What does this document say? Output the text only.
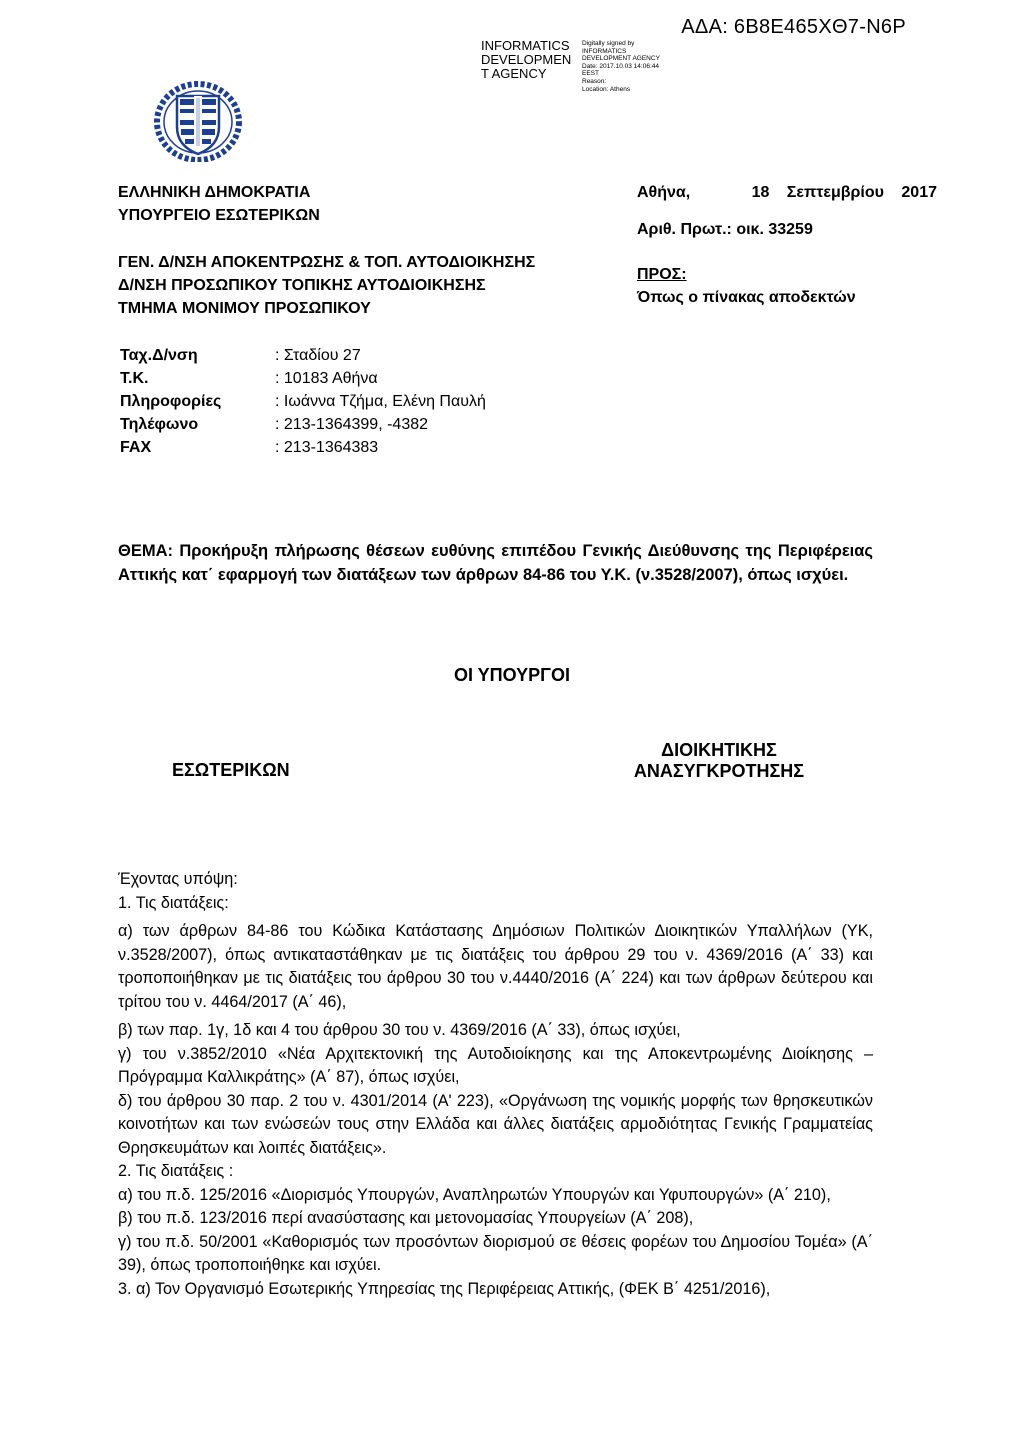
ΑΔΑ: 6Β8Ε465ΧΘ7-Ν6Ρ
INFORMATICS
DEVELOPMEN
T AGENCY
Digitally signed by
INFORMATICS
DEVELOPMENT AGENCY
Date: 2017.10.03 14:06:44
EEST
Reason:
Location: Athens
ΕΛΛΗΝΙΚΗ ΔΗΜΟΚΡΑΤΙΑ
ΥΠΟΥΡΓΕΙΟ ΕΣΩΤΕΡΙΚΩΝ
ΓΕΝ. Δ/ΝΣΗ ΑΠΟΚΕΝΤΡΩΣΗΣ & ΤΟΠ. ΑΥΤΟΔΙΟΙΚΗΣΗΣ
Δ/ΝΣΗ ΠΡΟΣΩΠΙΚΟΥ ΤΟΠΙΚΗΣ ΑΥΤΟΔΙΟΙΚΗΣΗΣ
ΤΜΗΜΑ ΜΟΝΙΜΟΥ ΠΡΟΣΩΠΙΚΟΥ
Αθήνα,	18 Σεπτεμβρίου 2017
Αριθ. Πρωτ.: οικ. 33259
ΠΡΟΣ:
Όπως ο πίνακας αποδεκτών
Ταχ.Δ/νση	: Σταδίου 27
Τ.Κ.	: 10183 Αθήνα
Πληροφορίες	: Ιωάννα Τζήμα, Ελένη Παυλή
Τηλέφωνο	: 213-1364399, -4382
FAX	: 213-1364383
ΘΕΜΑ: Προκήρυξη πλήρωσης θέσεων ευθύνης επιπέδου Γενικής Διεύθυνσης της Περιφέρειας Αττικής κατ΄ εφαρμογή των διατάξεων των άρθρων 84-86 του Υ.Κ. (ν.3528/2007), όπως ισχύει.
ΟΙ ΥΠΟΥΡΓΟΙ
ΕΣΩΤΕΡΙΚΩΝ
ΔΙΟΙΚΗΤΙΚΗΣ
ΑΝΑΣΥΓΚΡΟΤΗΣΗΣ

Έχοντας υπόψη:

1. Τις διατάξεις:

α) των άρθρων 84-86 του Κώδικα Κατάστασης Δημόσιων Πολιτικών Διοικητικών Υπαλλήλων (ΥΚ, ν.3528/2007), όπως αντικαταστάθηκαν με τις διατάξεις του άρθρου 29 του ν. 4369/2016 (Α΄ 33) και τροποποιήθηκαν με τις διατάξεις του άρθρου 30 του ν.4440/2016 (Α΄ 224) και των άρθρων δεύτερου και τρίτου του ν. 4464/2017 (Α΄ 46),

β) των παρ. 1γ, 1δ και 4 του άρθρου 30 του ν. 4369/2016 (Α΄ 33), όπως ισχύει,

γ) του ν.3852/2010 «Νέα Αρχιτεκτονική της Αυτοδιοίκησης και της Αποκεντρωμένης Διοίκησης – Πρόγραμμα Καλλικράτης» (Α΄ 87), όπως ισχύει,

δ) του άρθρου 30 παρ. 2 του ν. 4301/2014 (Α' 223), «Οργάνωση της νομικής μορφής των θρησκευτικών κοινοτήτων και των ενώσεών τους στην Ελλάδα και άλλες διατάξεις αρμοδιότητας Γενικής Γραμματείας Θρησκευμάτων και λοιπές διατάξεις».

2. Τις διατάξεις :

α) του π.δ. 125/2016 «Διορισμός Υπουργών, Αναπληρωτών Υπουργών και Υφυπουργών» (Α΄ 210),

β) του π.δ. 123/2016 περί ανασύστασης και μετονομασίας Υπουργείων (Α΄ 208),

γ) του π.δ. 50/2001 «Καθορισμός των προσόντων διορισμού σε θέσεις φορέων του Δημοσίου Τομέα» (Α΄ 39), όπως τροποποιήθηκε και ισχύει.

3. α) Τον Οργανισμό Εσωτερικής Υπηρεσίας της Περιφέρειας Αττικής, (ΦΕΚ Β΄ 4251/2016),
